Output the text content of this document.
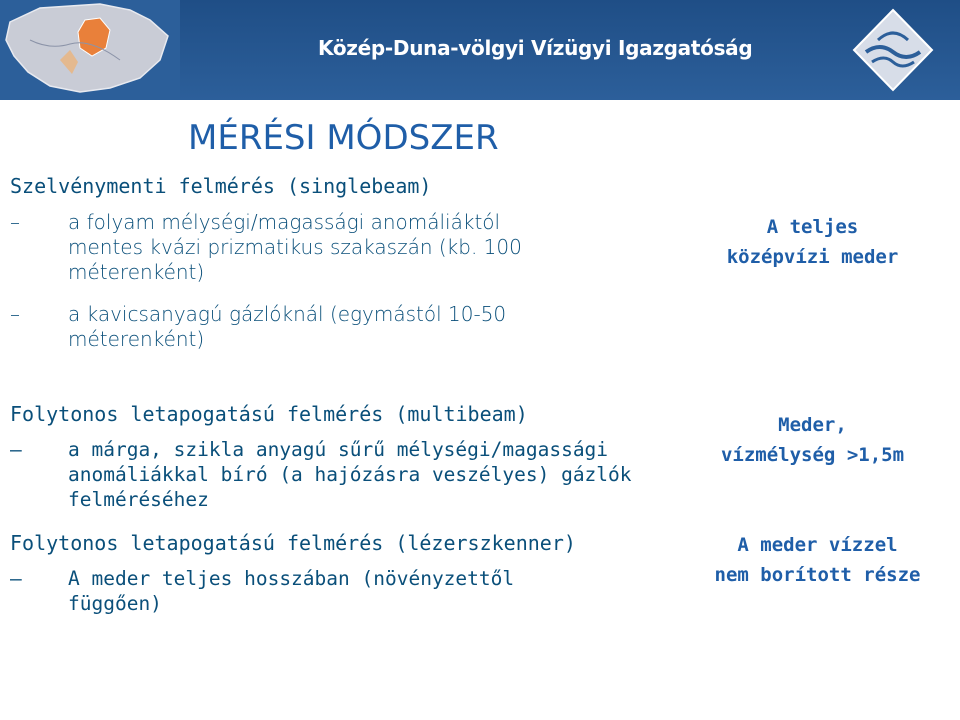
Közép-Duna-völgyi Vízügyi Igazgatóság
MÉRÉSI MÓDSZER
Szelvénymenti felmérés (singlebeam)
–	a folyam mélységi/magassági anomáliáktól
mentes kvázi prizmatikus szakaszán (kb. 100
méterenként)
–	a kavicsanyagú gázlóknál (egymástól 10-50
méterenként)
Folytonos letapogatású felmérés (multibeam)
–	a márga, szikla anyagú sűrű mélységi/magassági
anomáliákkal bíró (a hajózásra veszélyes) gázlók
felméréséhez
Folytonos letapogatású felmérés (lézerszkenner)
–	A meder teljes hosszában (növényzettől
függően)
A teljes
középvízi meder
Meder,
vízmélység >1,5m
A meder vízzel
nem borított része
